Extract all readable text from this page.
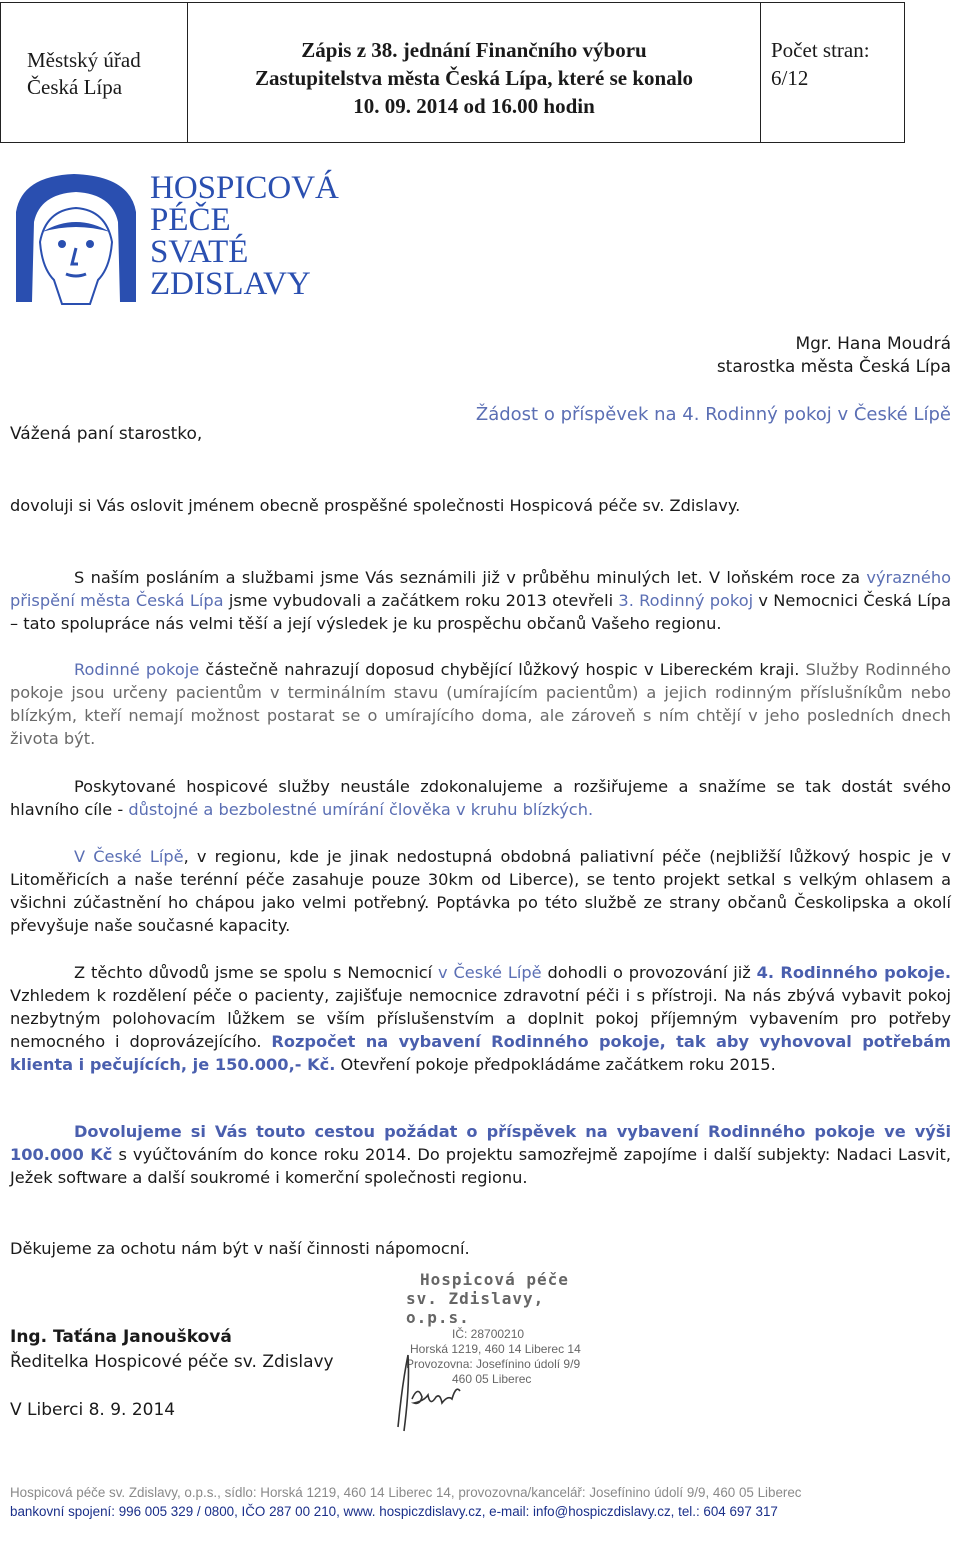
Městský úřad
Česká Lípa
Zápis z 38. jednání Finančního výboru
Zastupitelstva města Česká Lípa, které se konalo
10. 09. 2014 od 16.00 hodin
Počet stran:
6/12
HOSPICOVÁ
PÉČE
SVATÉ
ZDISLAVY
Mgr. Hana Moudrá
starostka města Česká Lípa
Žádost o příspěvek na 4. Rodinný pokoj v České Lípě
Vážená paní starostko,
dovoluji si Vás oslovit jménem obecně prospěšné společnosti Hospicová péče sv. Zdislavy.
S naším posláním a službami jsme Vás seznámili již v průběhu minulých let. V loňském roce za výrazného přispění města Česká Lípa jsme vybudovali a začátkem roku 2013 otevřeli 3. Rodinný pokoj v Nemocnici Česká Lípa – tato spolupráce nás velmi těší a její výsledek je ku prospěchu občanů Vašeho regionu.
Rodinné pokoje částečně nahrazují doposud chybějící lůžkový hospic v Libereckém kraji. Služby Rodinného pokoje jsou určeny pacientům v terminálním stavu (umírajícím pacientům) a jejich rodinným příslušníkům nebo blízkým, kteří nemají možnost postarat se o umírajícího doma, ale zároveň s ním chtějí v jeho posledních dnech života být.
Poskytované hospicové služby neustále zdokonalujeme a rozšiřujeme a snažíme se tak dostát svého hlavního cíle - důstojné a bezbolestné umírání člověka v kruhu blízkých.
V České Lípě, v regionu, kde je jinak nedostupná obdobná paliativní péče (nejbližší lůžkový hospic je v Litoměřicích a naše terénní péče zasahuje pouze 30km od Liberce), se tento projekt setkal s velkým ohlasem a všichni zúčastnění ho chápou jako velmi potřebný. Poptávka po této službě ze strany občanů Českolipska a okolí převyšuje naše současné kapacity.
Z těchto důvodů jsme se spolu s Nemocnicí v České Lípě dohodli o provozování již 4. Rodinného pokoje. Vzhledem k rozdělení péče o pacienty, zajišťuje nemocnice zdravotní péči i s přístroji. Na nás zbývá vybavit pokoj nezbytným polohovacím lůžkem se vším příslušenstvím a doplnit pokoj příjemným vybavením pro potřeby nemocného i doprovázejícího. Rozpočet na vybavení Rodinného pokoje, tak aby vyhovoval potřebám klienta i pečujících, je 150.000,- Kč. Otevření pokoje předpokládáme začátkem roku 2015.
Dovolujeme si Vás touto cestou požádat o příspěvek na vybavení Rodinného pokoje ve výši 100.000 Kč s vyúčtováním do konce roku 2014. Do projektu samozřejmě zapojíme i další subjekty: Nadaci Lasvit, Ježek software a další soukromé i komerční společnosti regionu.
Děkujeme za ochotu nám být v naší činnosti nápomocní.
Hospicová péče
sv. Zdislavy, o.p.s.
IČ: 28700210
Horská 1219, 460 14 Liberec 14
Provozovna: Josefínino údolí 9/9
460 05 Liberec
Ing. Taťána Janoušková
Ředitelka Hospicové péče sv. Zdislavy
V Liberci 8. 9. 2014
Hospicová péče sv. Zdislavy, o.p.s., sídlo: Horská 1219, 460 14 Liberec 14, provozovna/kancelář: Josefínino údolí 9/9, 460 05 Liberec
bankovní spojení: 996 005 329 / 0800, IČO 287 00 210, www. hospiczdislavy.cz, e-mail: info@hospiczdislavy.cz, tel.: 604 697 317
